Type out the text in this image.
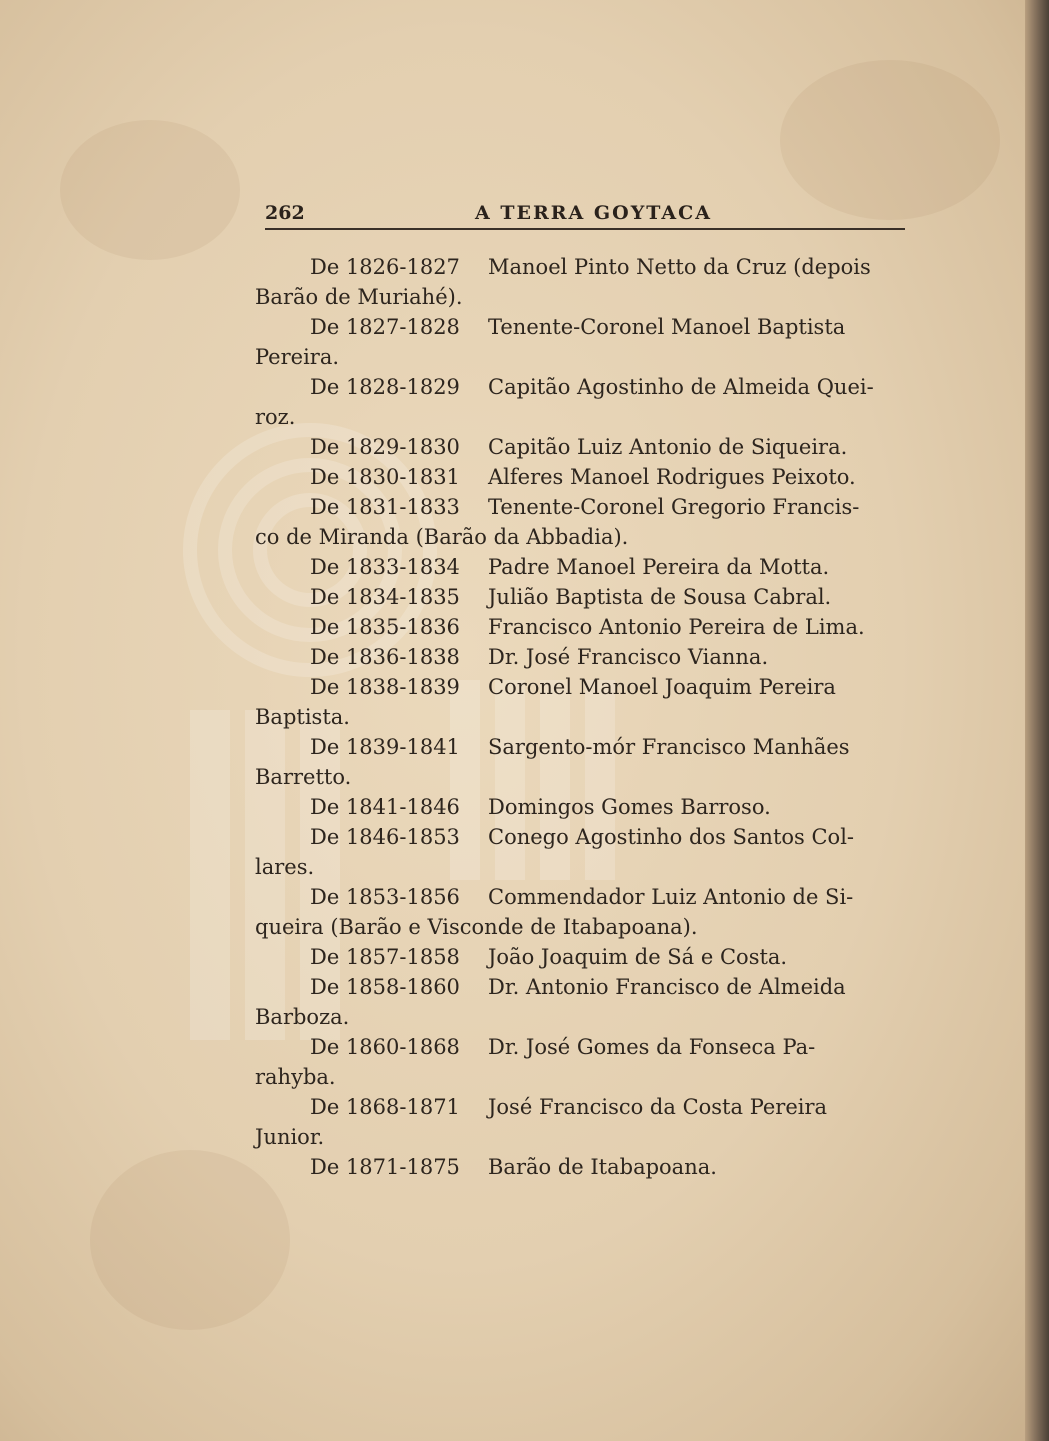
262	A TERRA GOYTACA
De 1826-1827 Manoel Pinto Netto da Cruz (depois
Barão de Muriahé).
De 1827-1828 Tenente-Coronel Manoel Baptista
Pereira.
De 1828-1829 Capitão Agostinho de Almeida Quei-
roz.
De 1829-1830 Capitão Luiz Antonio de Siqueira.
De 1830-1831 Alferes Manoel Rodrigues Peixoto.
De 1831-1833 Tenente-Coronel Gregorio Francis-
co de Miranda (Barão da Abbadia).
De 1833-1834 Padre Manoel Pereira da Motta.
De 1834-1835 Julião Baptista de Sousa Cabral.
De 1835-1836 Francisco Antonio Pereira de Lima.
De 1836-1838 Dr. José Francisco Vianna.
De 1838-1839 Coronel Manoel Joaquim Pereira
Baptista.
De 1839-1841 Sargento-mór Francisco Manhães
Barretto.
De 1841-1846 Domingos Gomes Barroso.
De 1846-1853 Conego Agostinho dos Santos Col-
lares.
De 1853-1856 Commendador Luiz Antonio de Si-
queira (Barão e Visconde de Itabapoana).
De 1857-1858 João Joaquim de Sá e Costa.
De 1858-1860 Dr. Antonio Francisco de Almeida
Barboza.
De 1860-1868 Dr. José Gomes da Fonseca Pa-
rahyba.
De 1868-1871 José Francisco da Costa Pereira
Junior.
De 1871-1875 Barão de Itabapoana.
